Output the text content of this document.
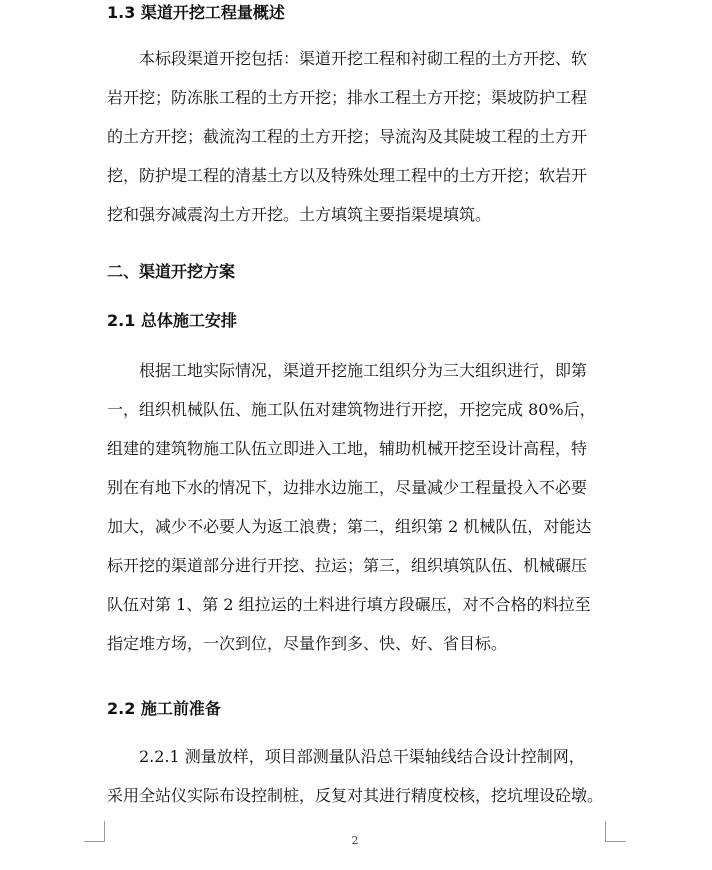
1.3 渠道开挖工程量概述

本标段渠道开挖包括：渠道开挖工程和衬砌工程的土方开挖、软
岩开挖；防冻胀工程的土方开挖；排水工程土方开挖；渠坡防护工程
的土方开挖；截流沟工程的土方开挖；导流沟及其陡坡工程的土方开
挖，防护堤工程的清基土方以及特殊处理工程中的土方开挖；软岩开
挖和强夯减震沟土方开挖。土方填筑主要指渠堤填筑。

二、渠道开挖方案

2.1 总体施工安排

根据工地实际情况，渠道开挖施工组织分为三大组织进行，即第
一，组织机械队伍、施工队伍对建筑物进行开挖，开挖完成 80%后，
组建的建筑物施工队伍立即进入工地，辅助机械开挖至设计高程，特
别在有地下水的情况下，边排水边施工，尽量减少工程量投入不必要
加大，减少不必要人为返工浪费；第二，组织第 2 机械队伍，对能达
标开挖的渠道部分进行开挖、拉运；第三，组织填筑队伍、机械碾压
队伍对第 1、第 2 组拉运的土料进行填方段碾压，对不合格的料拉至
指定堆方场，一次到位，尽量作到多、快、好、省目标。

2.2 施工前准备

2.2.1 测量放样，项目部测量队沿总干渠轴线结合设计控制网，
采用全站仪实际布设控制桩，反复对其进行精度校核，挖坑埋设砼墩。
2
